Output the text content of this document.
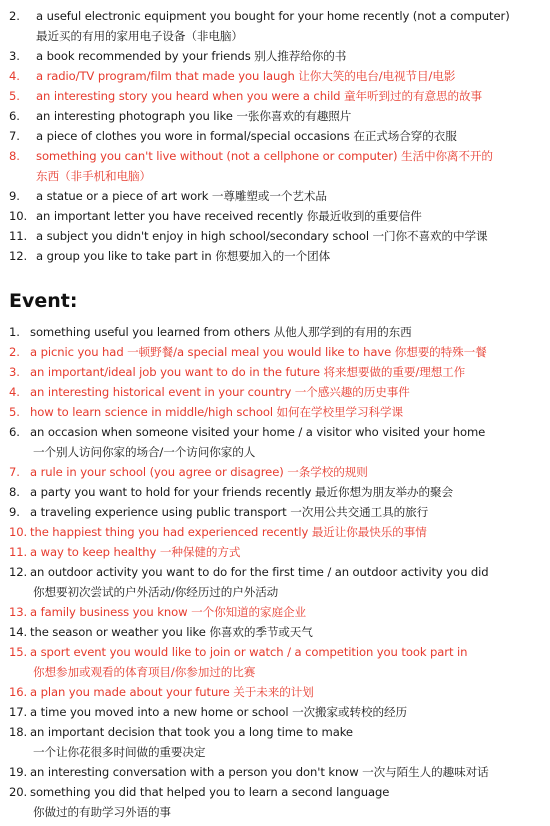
2.	a useful electronic equipment you bought for your home recently (not a computer)
最近买的有用的家用电子设备（非电脑）
3.	a book recommended by your friends 别人推荐给你的书
4.	a radio/TV program/film that made you laugh 让你大笑的电台/电视节目/电影
5.	an interesting story you heard when you were a child 童年听到过的有意思的故事
6.	an interesting photograph you like 一张你喜欢的有趣照片
7.	a piece of clothes you wore in formal/special occasions 在正式场合穿的衣服
8.	something you can't live without (not a cellphone or computer) 生活中你离不开的
东西（非手机和电脑）
9.	a statue or a piece of art work 一尊雕塑或一个艺术品
10. an important letter you have received recently 你最近收到的重要信件
11. a subject you didn't enjoy in high school/secondary school 一门你不喜欢的中学课
12. a group you like to take part in 你想要加入的一个团体
Event:
1. something useful you learned from others 从他人那学到的有用的东西
2. a picnic you had 一顿野餐/a special meal you would like to have 你想要的特殊一餐
3. an important/ideal job you want to do in the future 将来想要做的重要/理想工作
4. an interesting historical event in your country 一个感兴趣的历史事件
5. how to learn science in middle/high school 如何在学校里学习科学课
6. an occasion when someone visited your home / a visitor who visited your home
一个别人访问你家的场合/一个访问你家的人
7. a rule in your school (you agree or disagree) 一条学校的规则
8. a party you want to hold for your friends recently 最近你想为朋友举办的聚会
9. a traveling experience using public transport 一次用公共交通工具的旅行
10. the happiest thing you had experienced recently 最近让你最快乐的事情
11. a way to keep healthy 一种保健的方式
12. an outdoor activity you want to do for the first time / an outdoor activity you did
你想要初次尝试的户外活动/你经历过的户外活动
13. a family business you know 一个你知道的家庭企业
14. the season or weather you like 你喜欢的季节或天气
15. a sport event you would like to join or watch / a competition you took part in
你想参加或观看的体育项目/你参加过的比赛
16. a plan you made about your future 关于未来的计划
17. a time you moved into a new home or school 一次搬家或转校的经历
18. an important decision that took you a long time to make
一个让你花很多时间做的重要决定
19. an interesting conversation with a person you don't know 一次与陌生人的趣味对话
20. something you did that helped you to learn a second language
你做过的有助学习外语的事
